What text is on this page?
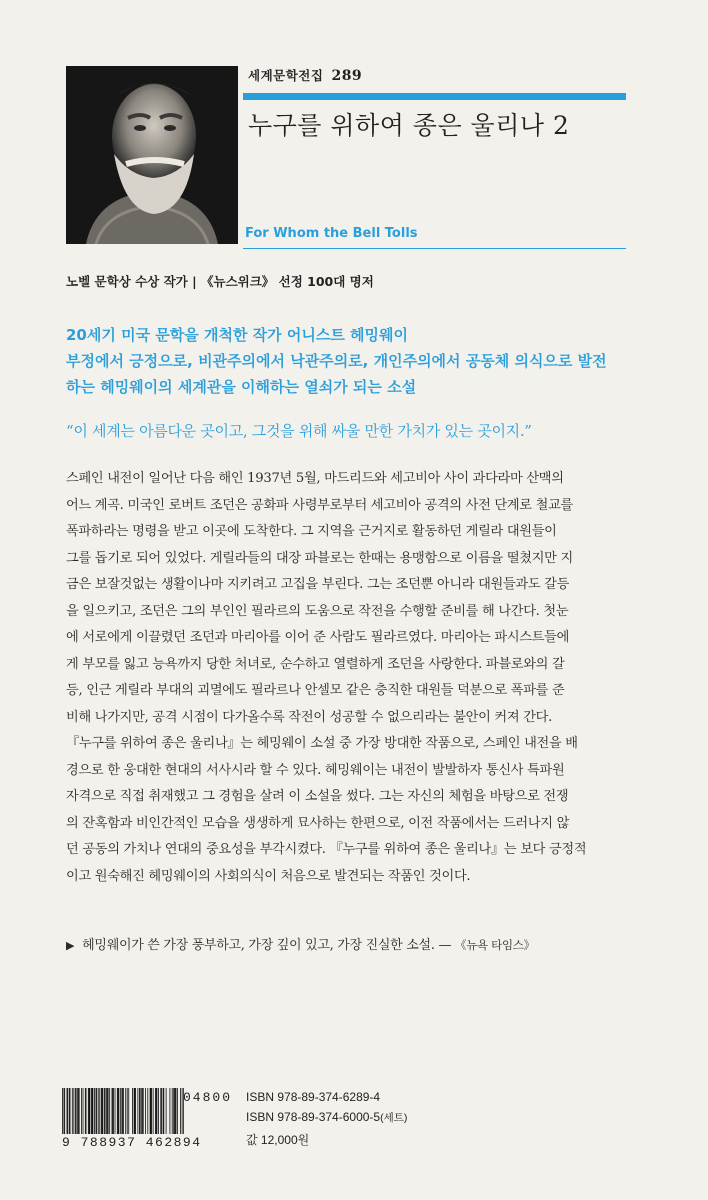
세계문학전집 289
누구를 위하여 종은 울리나 2
For Whom the Bell Tolls
노벨 문학상 수상 작가 | 《뉴스위크》 선정 100대 명저
20세기 미국 문학을 개척한 작가 어니스트 헤밍웨이
부정에서 긍정으로, 비관주의에서 낙관주의로, 개인주의에서 공동체 의식으로 발전
하는 헤밍웨이의 세계관을 이해하는 열쇠가 되는 소설
“이 세계는 아름다운 곳이고, 그것을 위해 싸울 만한 가치가 있는 곳이지.”
스페인 내전이 일어난 다음 해인 1937년 5월, 마드리드와 세고비아 사이 과다라마 산맥의
어느 계곡. 미국인 로버트 조던은 공화파 사령부로부터 세고비아 공격의 사전 단계로 철교를
폭파하라는 명령을 받고 이곳에 도착한다. 그 지역을 근거지로 활동하던 게릴라 대원들이
그를 돕기로 되어 있었다. 게릴라들의 대장 파블로는 한때는 용맹함으로 이름을 떨쳤지만 지
금은 보잘것없는 생활이나마 지키려고 고집을 부린다. 그는 조던뿐 아니라 대원들과도 갈등
을 일으키고, 조던은 그의 부인인 필라르의 도움으로 작전을 수행할 준비를 해 나간다. 첫눈
에 서로에게 이끌렸던 조던과 마리아를 이어 준 사람도 필라르였다. 마리아는 파시스트들에
게 부모를 잃고 능욕까지 당한 처녀로, 순수하고 열렬하게 조던을 사랑한다. 파블로와의 갈
등, 인근 게릴라 부대의 괴멸에도 필라르나 안셀모 같은 충직한 대원들 덕분으로 폭파를 준
비해 나가지만, 공격 시점이 다가올수록 작전이 성공할 수 없으리라는 불안이 커져 간다.
『누구를 위하여 종은 울리나』는 헤밍웨이 소설 중 가장 방대한 작품으로, 스페인 내전을 배
경으로 한 웅대한 현대의 서사시라 할 수 있다. 헤밍웨이는 내전이 발발하자 통신사 특파원
자격으로 직접 취재했고 그 경험을 살려 이 소설을 썼다. 그는 자신의 체험을 바탕으로 전쟁
의 잔혹함과 비인간적인 모습을 생생하게 묘사하는 한편으로, 이전 작품에서는 드러나지 않
던 공동의 가치나 연대의 중요성을 부각시켰다. 『누구를 위하여 종은 울리나』는 보다 긍정적
이고 원숙해진 헤밍웨이의 사회의식이 처음으로 발견되는 작품인 것이다.
▶ 헤밍웨이가 쓴 가장 풍부하고, 가장 깊이 있고, 가장 진실한 소설. — 《뉴욕 타임스》
04800
9 788937 462894
ISBN 978-89-374-6289-4
ISBN 978-89-374-6000-5(세트)
값 12,000원
